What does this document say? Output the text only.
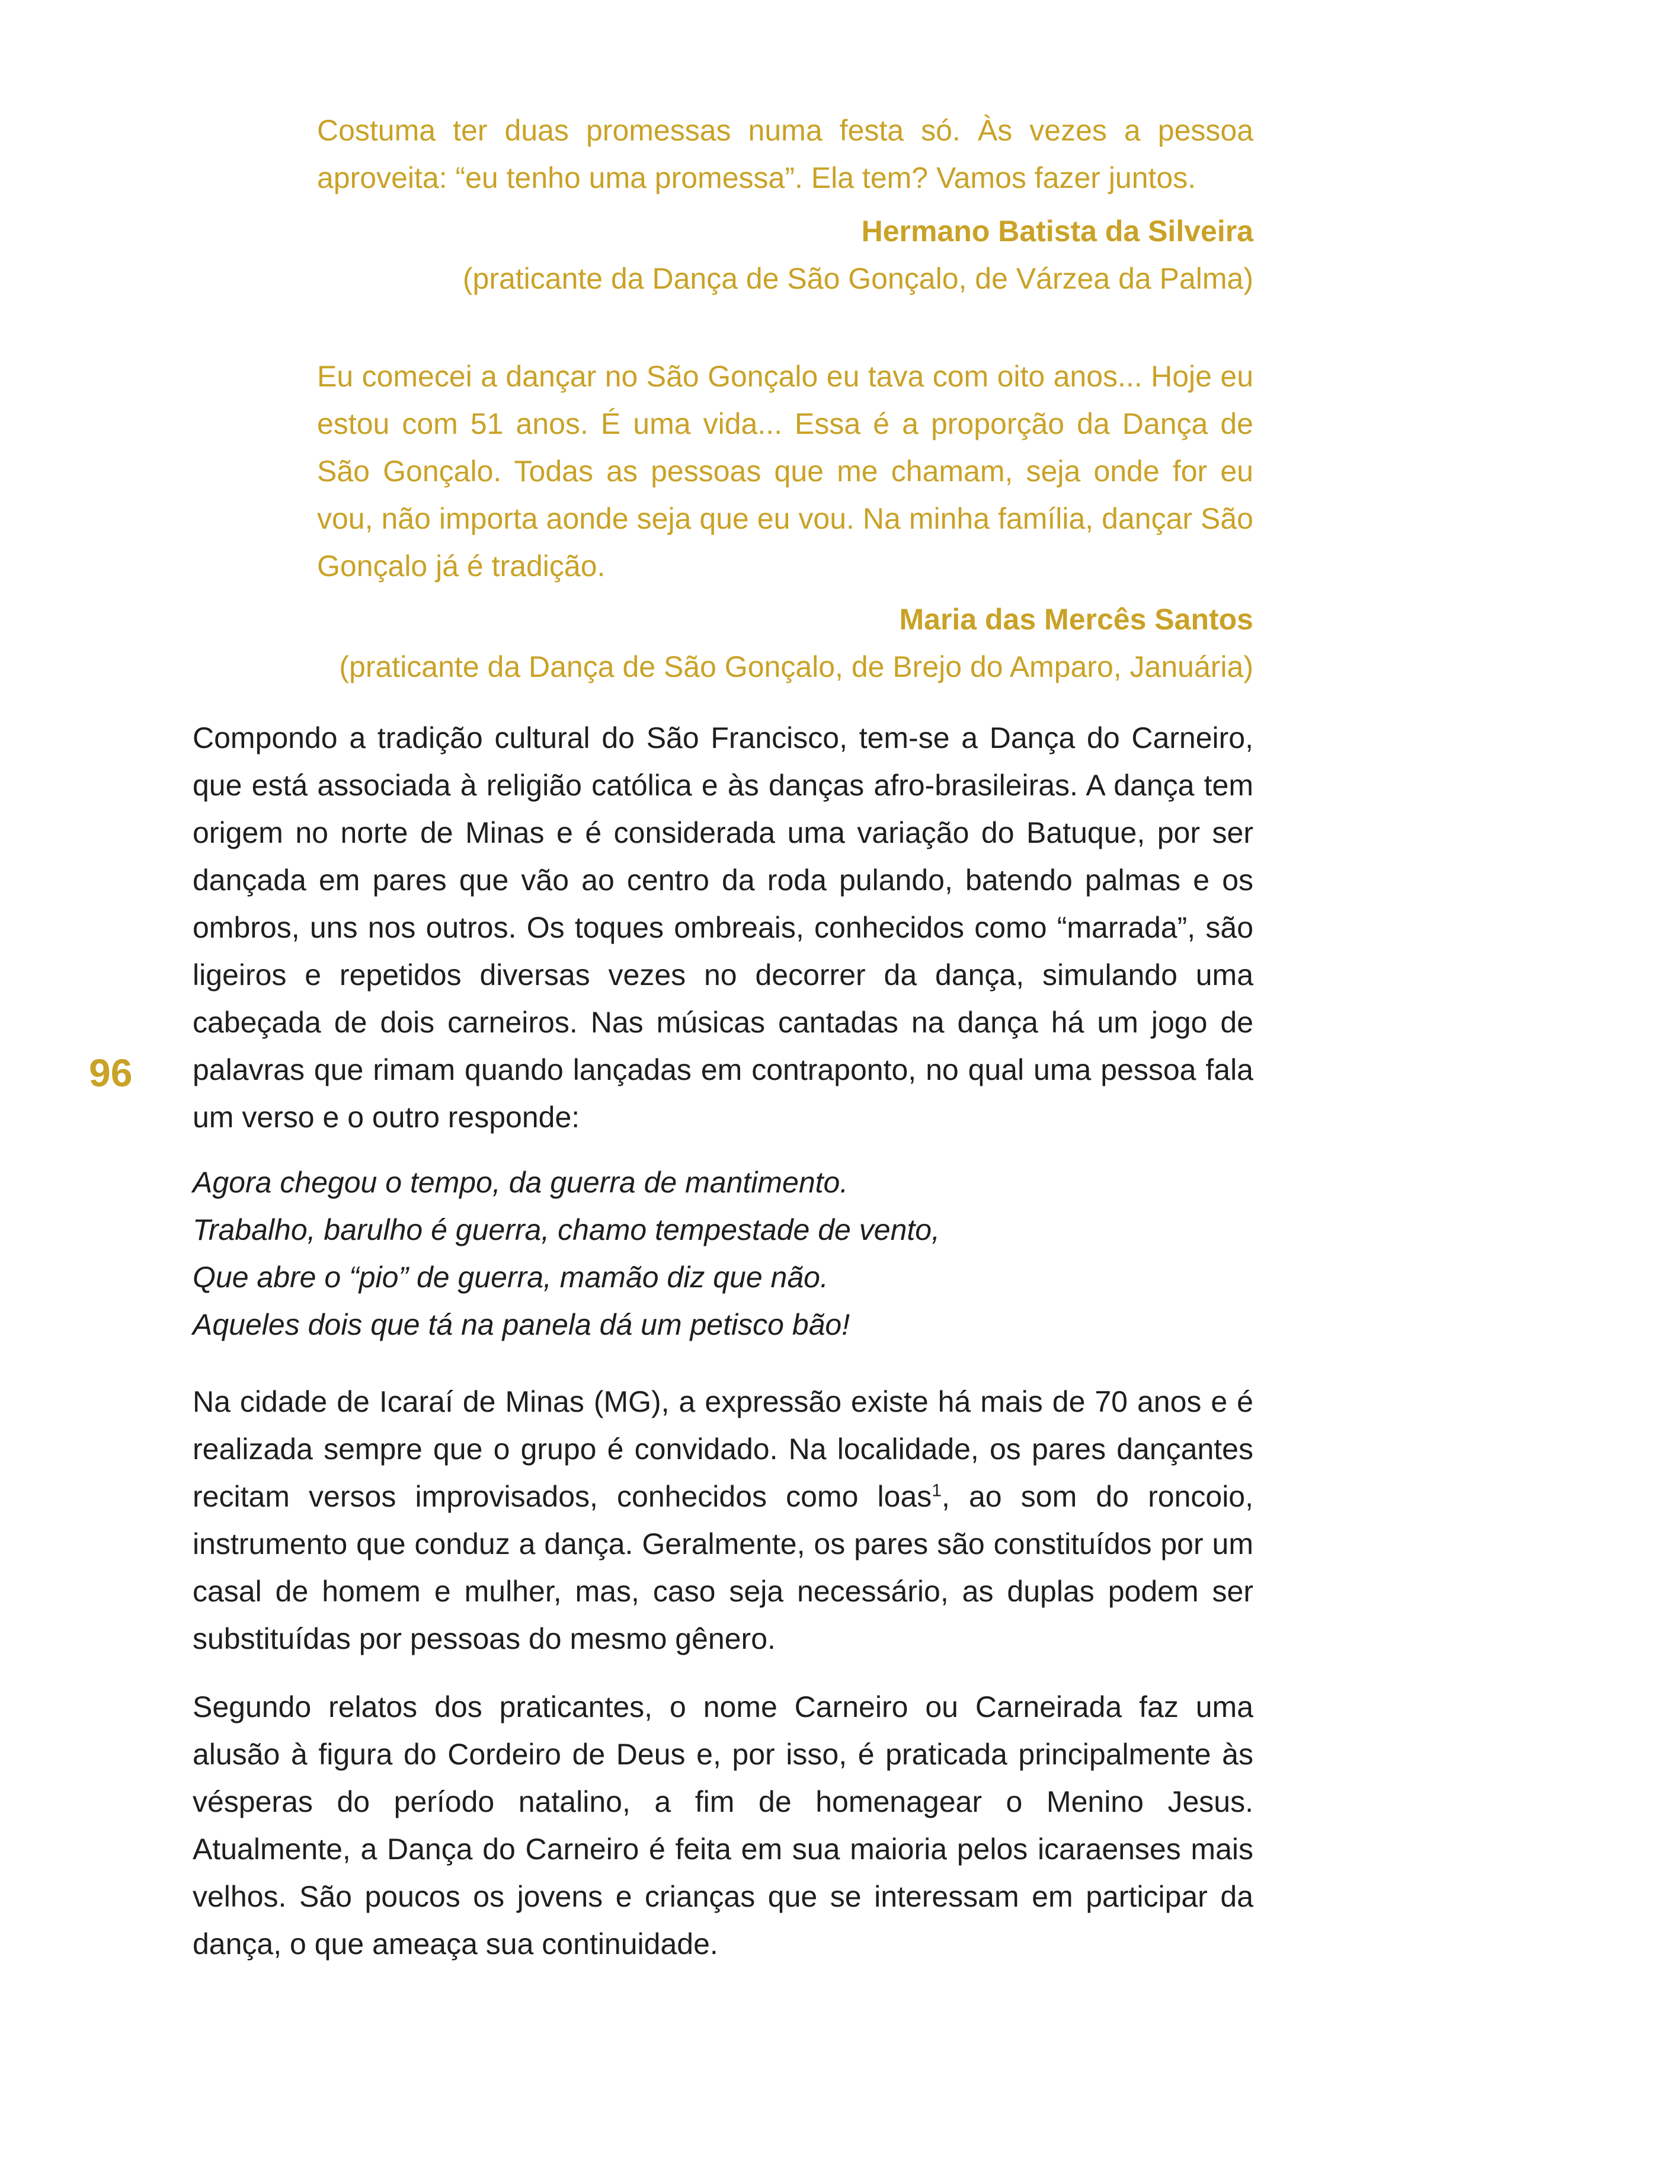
Costuma ter duas promessas numa festa só. Às vezes a pessoa aproveita: “eu tenho uma promessa”. Ela tem? Vamos fazer juntos.

Hermano Batista da Silveira

(praticante da Dança de São Gonçalo, de Várzea da Palma)

Eu comecei a dançar no São Gonçalo eu tava com oito anos... Hoje eu estou com 51 anos. É uma vida... Essa é a proporção da Dança de São Gonçalo. Todas as pessoas que me chamam, seja onde for eu vou, não importa aonde seja que eu vou. Na minha família, dançar São Gonçalo já é tradição.

Maria das Mercês Santos

(praticante da Dança de São Gonçalo, de Brejo do Amparo, Januária)

Compondo a tradição cultural do São Francisco, tem-se a Dança do Carneiro, que está associada à religião católica e às danças afro-brasileiras. A dança tem origem no norte de Minas e é considerada uma variação do Batuque, por ser dançada em pares que vão ao centro da roda pulando, batendo palmas e os ombros, uns nos outros. Os toques ombreais, conhecidos como “marrada”, são ligeiros e repetidos diversas vezes no decorrer da dança, simulando uma cabeçada de dois carneiros. Nas músicas cantadas na dança há um jogo de palavras que rimam quando lançadas em contraponto, no qual uma pessoa fala um verso e o outro responde:

96
Agora chegou o tempo, da guerra de mantimento.
Trabalho, barulho é guerra, chamo tempestade de vento,
Que abre o “pio” de guerra, mamão diz que não.
Aqueles dois que tá na panela dá um petisco bão!

Na cidade de Icaraí de Minas (MG), a expressão existe há mais de 70 anos e é realizada sempre que o grupo é convidado. Na localidade, os pares dançantes recitam versos improvisados, conhecidos como loas$^1$, ao som do roncoio, instrumento que conduz a dança. Geralmente, os pares são constituídos por um casal de homem e mulher, mas, caso seja necessário, as duplas podem ser substituídas por pessoas do mesmo gênero.

Segundo relatos dos praticantes, o nome Carneiro ou Carneirada faz uma alusão à figura do Cordeiro de Deus e, por isso, é praticada principalmente às vésperas do período natalino, a fim de homenagear o Menino Jesus. Atualmente, a Dança do Carneiro é feita em sua maioria pelos icaraenses mais velhos. São poucos os jovens e crianças que se interessam em participar da dança, o que ameaça sua continuidade.
